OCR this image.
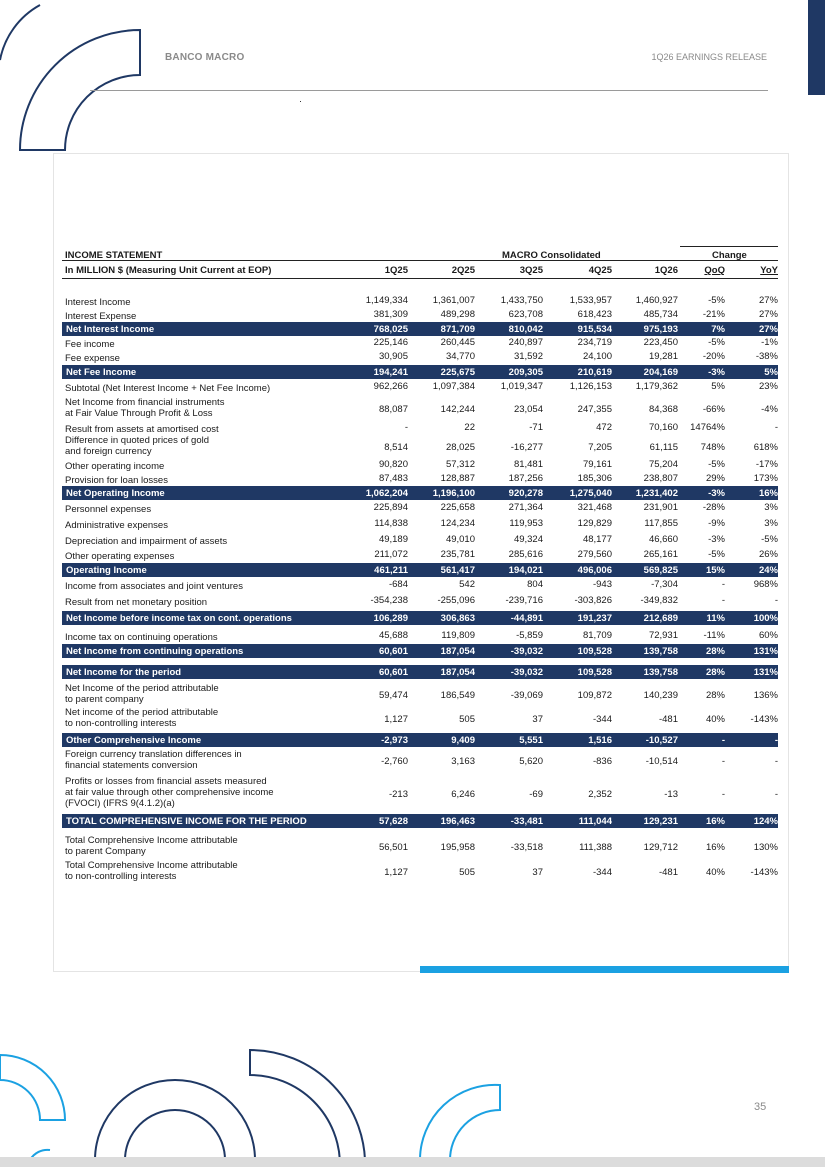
BANCO MACRO	1Q26 EARNINGS RELEASE
INCOME STATEMENT	MACRO Consolidated	Change
In MILLION $ (Measuring Unit Current at EOP)	1Q25	2Q25	3Q25	4Q25	1Q26	QoQ	YoY
Interest Income	1,149,334	1,361,007	1,433,750	1,533,957 1,460,927	-5%	27%
Interest Expense	381,309	489,298	623,708	618,423	485,734	-21%	27%
Net Interest Income	768,025	871,709	810,042	915,534	975,193	7%	27%
Fee income	225,146	260,445	240,897	234,719	223,450	-5%	-1%
Fee expense	30,905	34,770	31,592	24,100	19,281	-20%	-38%
Net Fee Income	194,241	225,675	209,305	210,619	204,169	-3%	5%
Subtotal (Net Interest Income + Net Fee Income)	962,266	1,097,384	1,019,347	1,126,153 1,179,362	5%	23%
Net Income from financial instruments
at Fair Value Through Profit & Loss	88,087	142,244	23,054	247,355	84,368	-66%	-4%
Result from assets at amortised cost	-	22	-71	472	70,160 14764%	-
Difference in quoted prices of gold
and foreign currency	8,514	28,025	-16,277	7,205	61,115 748%	618%
Other operating income	90,820	57,312	81,481	79,161	75,204	-5%	-17%
Provision for loan losses	87,483	128,887	187,256	185,306	238,807	29%	173%
Net Operating Income	1,062,204	1,196,100	920,278	1,275,040 1,231,402	-3%	16%
Personnel expenses	225,894	225,658	271,364	321,468	231,901	-28%	3%
Administrative expenses	114,838	124,234	119,953	129,829	117,855	-9%	3%
Depreciation and impairment of assets	49,189	49,010	49,324	48,177	46,660	-3%	-5%
Other operating expenses	211,072	235,781	285,616	279,560	265,161	-5%	26%
Operating Income	461,211	561,417	194,021	496,006	569,825	15%	24%
Income from associates and joint ventures	-684	542	804	-943	-7,304	-	968%
Result from net monetary position	-354,238	-255,096	-239,716	-303,826	-349,832	-	-
Net Income before income tax on cont. operations	106,289	306,863	-44,891	191,237	212,689	11%	100%
Income tax on continuing operations	45,688	119,809	-5,859	81,709	72,931	-11%	60%
Net Income from continuing operations	60,601	187,054	-39,032	109,528	139,758	28%	131%
Net Income for the period	60,601	187,054	-39,032	109,528	139,758	28%	131%
Net Income of the period attributable
to parent company	59,474	186,549	-39,069	109,872	140,239	28%	136%
Net income of the period attributable
to non-controlling interests	1,127	505	37	-344	-481	40%	-143%
Other Comprehensive Income	-2,973	9,409	5,551	1,516	-10,527	-	-
Foreign currency translation differences in
financial statements conversion	-2,760	3,163	5,620	-836	-10,514	-	-
Profits or losses from financial assets measured
at fair value through other comprehensive income
(FVOCI) (IFRS 9(4.1.2)(a)
-213	6,246	-69	2,352	-13	-	-
TOTAL COMPREHENSIVE INCOME FOR THE PERIOD	57,628	196,463	-33,481	111,044	129,231	16%	124%
Total Comprehensive Income attributable
to parent Company	56,501	195,958	-33,518	111,388	129,712	16%	130%
Total Comprehensive Income attributable
to non-controlling interests	1,127	505	37	-344	-481	40%	-143%
35
